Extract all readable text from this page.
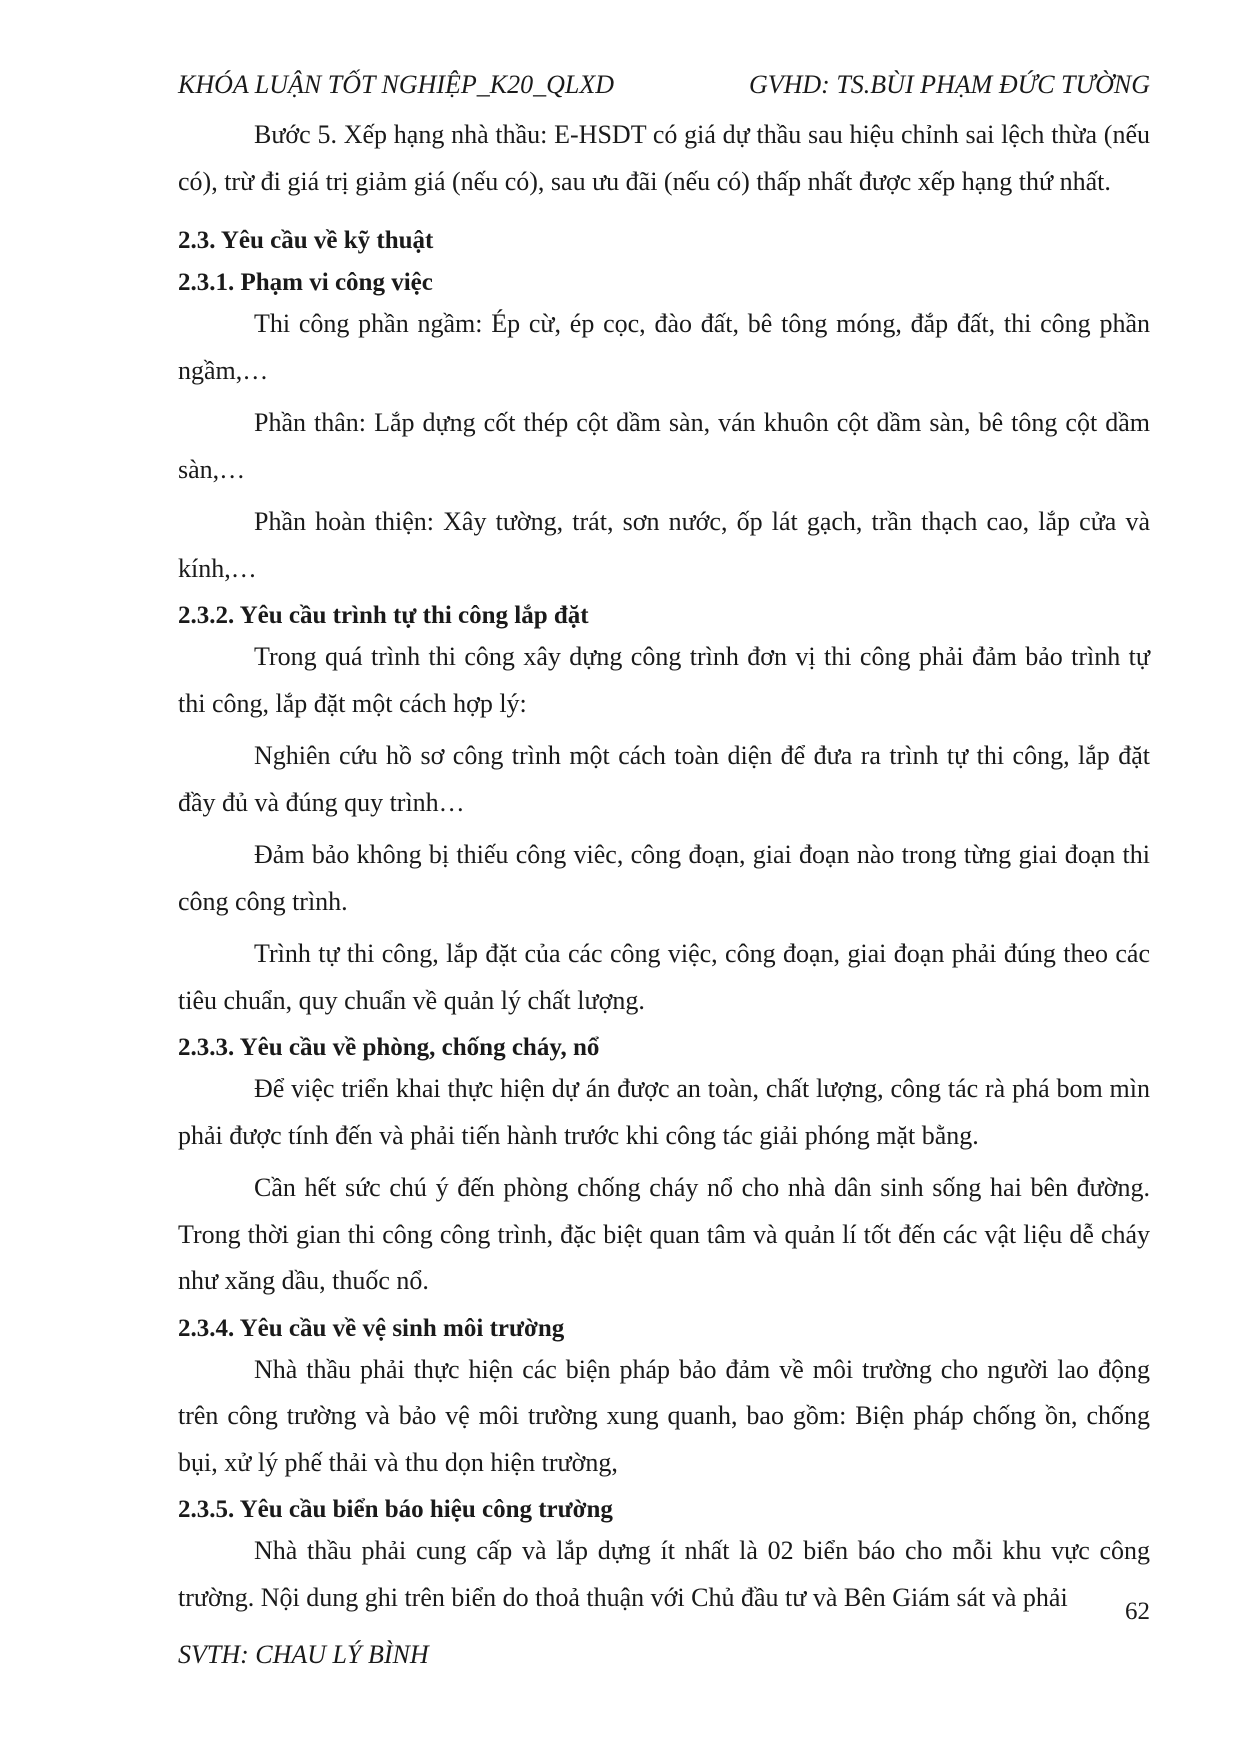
KHÓA LUẬN TỐT NGHIỆP_K20_QLXD	GVHD: TS.BÙI PHẠM ĐỨC TƯỜNG

Bước 5. Xếp hạng nhà thầu: E-HSDT có giá dự thầu sau hiệu chỉnh sai lệch thừa (nếu có), trừ đi giá trị giảm giá (nếu có), sau ưu đãi (nếu có) thấp nhất được xếp hạng thứ nhất.

2.3. Yêu cầu về kỹ thuật

2.3.1. Phạm vi công việc

Thi công phần ngầm: Ép cừ, ép cọc, đào đất, bê tông móng, đắp đất, thi công phần ngầm,…

Phần thân: Lắp dựng cốt thép cột dầm sàn, ván khuôn cột dầm sàn, bê tông cột dầm sàn,…

Phần hoàn thiện: Xây tường, trát, sơn nước, ốp lát gạch, trần thạch cao, lắp cửa và kính,…

2.3.2. Yêu cầu trình tự thi công lắp đặt

Trong quá trình thi công xây dựng công trình đơn vị thi công phải đảm bảo trình tự thi công, lắp đặt một cách hợp lý:

Nghiên cứu hồ sơ công trình một cách toàn diện để đưa ra trình tự thi công, lắp đặt đầy đủ và đúng quy trình…

Đảm bảo không bị thiếu công viêc, công đoạn, giai đoạn nào trong từng giai đoạn thi công công trình.

Trình tự thi công, lắp đặt của các công việc, công đoạn, giai đoạn phải đúng theo các tiêu chuẩn, quy chuẩn về quản lý chất lượng.

2.3.3. Yêu cầu về phòng, chống cháy, nổ

Để việc triển khai thực hiện dự án được an toàn, chất lượng, công tác rà phá bom mìn phải được tính đến và phải tiến hành trước khi công tác giải phóng mặt bằng.

Cần hết sức chú ý đến phòng chống cháy nổ cho nhà dân sinh sống hai bên đường. Trong thời gian thi công công trình, đặc biệt quan tâm và quản lí tốt đến các vật liệu dễ cháy như xăng dầu, thuốc nổ.

2.3.4. Yêu cầu về vệ sinh môi trường

Nhà thầu phải thực hiện các biện pháp bảo đảm về môi trường cho người lao động trên công trường và bảo vệ môi trường xung quanh, bao gồm: Biện pháp chống ồn, chống bụi, xử lý phế thải và thu dọn hiện trường,

2.3.5. Yêu cầu biển báo hiệu công trường

Nhà thầu phải cung cấp và lắp dựng ít nhất là 02 biển báo cho mỗi khu vực công trường. Nội dung ghi trên biển do thoả thuận với Chủ đầu tư và Bên Giám sát và phải	62
SVTH: CHAU LÝ BÌNH
